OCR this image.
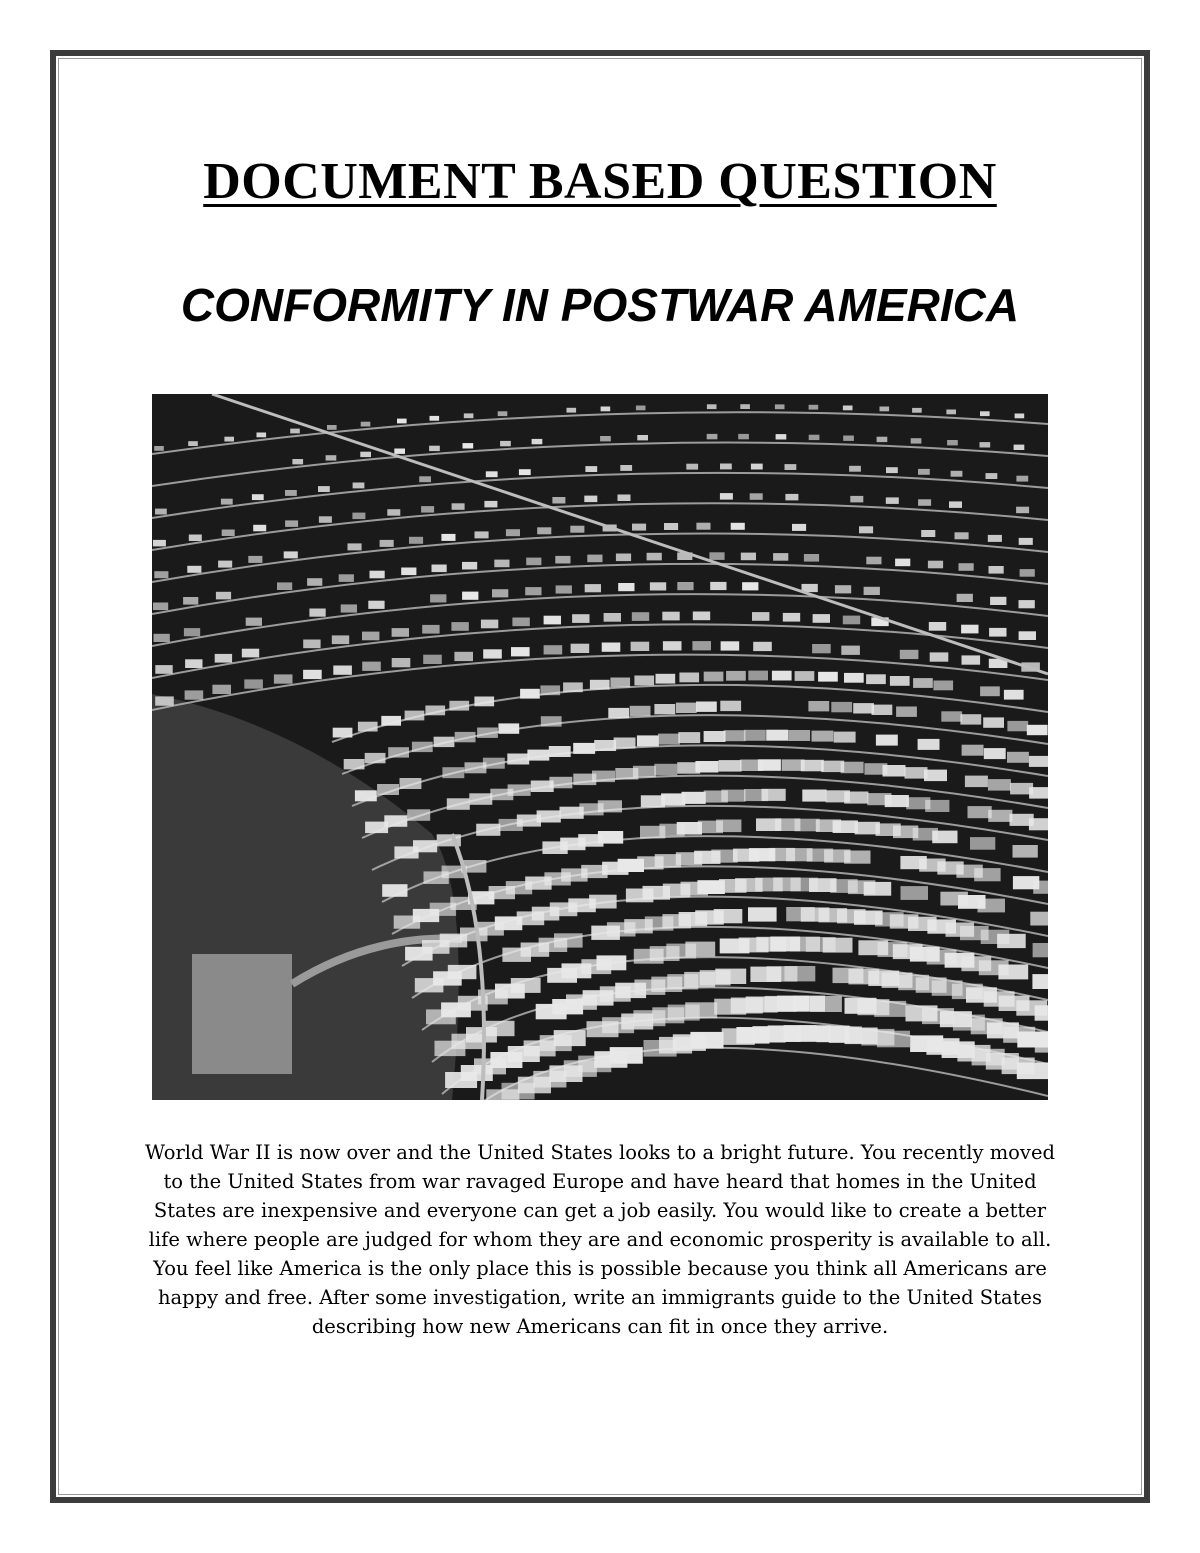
DOCUMENT BASED QUESTION
CONFORMITY IN POSTWAR AMERICA

World War II is now over and the United States looks to a bright future. You recently moved to the United States from war ravaged Europe and have heard that homes in the United States are inexpensive and everyone can get a job easily. You would like to create a better life where people are judged for whom they are and economic prosperity is available to all. You feel like America is the only place this is possible because you think all Americans are happy and free. After some investigation, write an immigrants guide to the United States describing how new Americans can fit in once they arrive.
